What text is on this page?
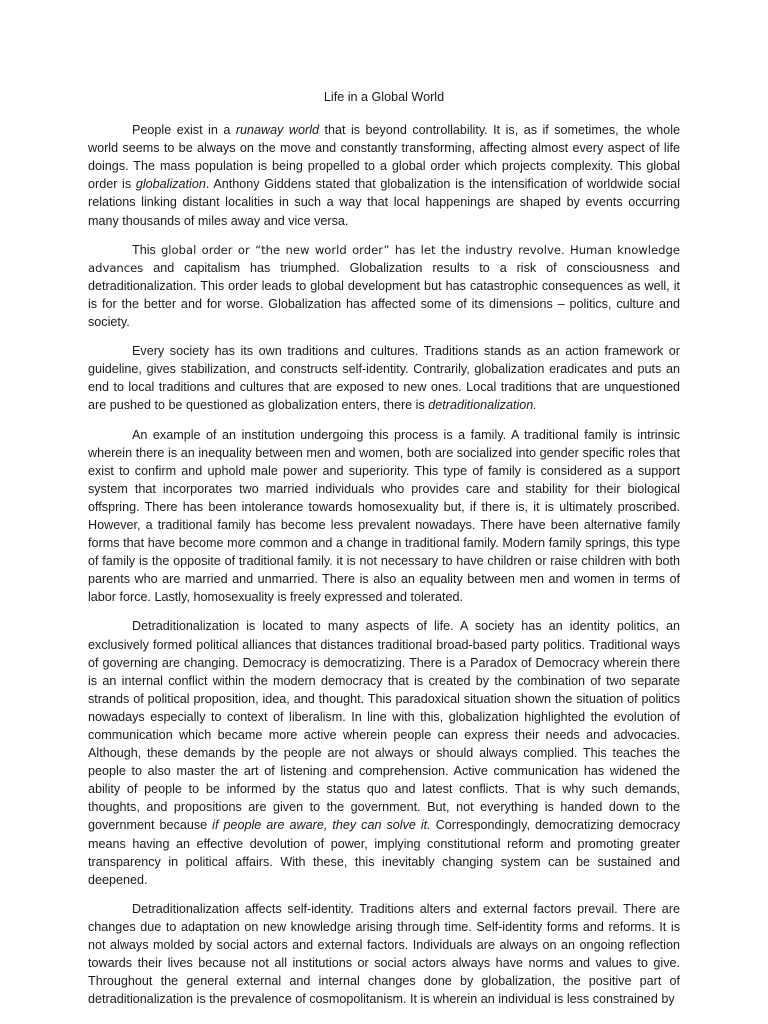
Life in a Global World

People exist in a runaway world that is beyond controllability. It is, as if sometimes, the whole world seems to be always on the move and constantly transforming, affecting almost every aspect of life doings. The mass population is being propelled to a global order which projects complexity. This global order is globalization. Anthony Giddens stated that globalization is the intensification of worldwide social relations linking distant localities in such a way that local happenings are shaped by events occurring many thousands of miles away and vice versa.

This global order or “the new world order” has let the industry revolve. Human knowledge advances and capitalism has triumphed. Globalization results to a risk of consciousness and detraditionalization. This order leads to global development but has catastrophic consequences as well, it is for the better and for worse. Globalization has affected some of its dimensions – politics, culture and society.

Every society has its own traditions and cultures. Traditions stands as an action framework or guideline, gives stabilization, and constructs self-identity. Contrarily, globalization eradicates and puts an end to local traditions and cultures that are exposed to new ones. Local traditions that are unquestioned are pushed to be questioned as globalization enters, there is detraditionalization.

An example of an institution undergoing this process is a family. A traditional family is intrinsic wherein there is an inequality between men and women, both are socialized into gender specific roles that exist to confirm and uphold male power and superiority. This type of family is considered as a support system that incorporates two married individuals who provides care and stability for their biological offspring. There has been intolerance towards homosexuality but, if there is, it is ultimately proscribed. However, a traditional family has become less prevalent nowadays. There have been alternative family forms that have become more common and a change in traditional family. Modern family springs, this type of family is the opposite of traditional family. it is not necessary to have children or raise children with both parents who are married and unmarried. There is also an equality between men and women in terms of labor force. Lastly, homosexuality is freely expressed and tolerated.

Detraditionalization is located to many aspects of life. A society has an identity politics, an exclusively formed political alliances that distances traditional broad-based party politics. Traditional ways of governing are changing. Democracy is democratizing. There is a Paradox of Democracy wherein there is an internal conflict within the modern democracy that is created by the combination of two separate strands of political proposition, idea, and thought. This paradoxical situation shown the situation of politics nowadays especially to context of liberalism. In line with this, globalization highlighted the evolution of communication which became more active wherein people can express their needs and advocacies. Although, these demands by the people are not always or should always complied. This teaches the people to also master the art of listening and comprehension. Active communication has widened the ability of people to be informed by the status quo and latest conflicts. That is why such demands, thoughts, and propositions are given to the government. But, not everything is handed down to the government because if people are aware, they can solve it. Correspondingly, democratizing democracy means having an effective devolution of power, implying constitutional reform and promoting greater transparency in political affairs. With these, this inevitably changing system can be sustained and deepened.

Detraditionalization affects self-identity. Traditions alters and external factors prevail. There are changes due to adaptation on new knowledge arising through time. Self-identity forms and reforms. It is not always molded by social actors and external factors. Individuals are always on an ongoing reflection towards their lives because not all institutions or social actors always have norms and values to give. Throughout the general external and internal changes done by globalization, the positive part of detraditionalization is the prevalence of cosmopolitanism. It is wherein an individual is less constrained by
